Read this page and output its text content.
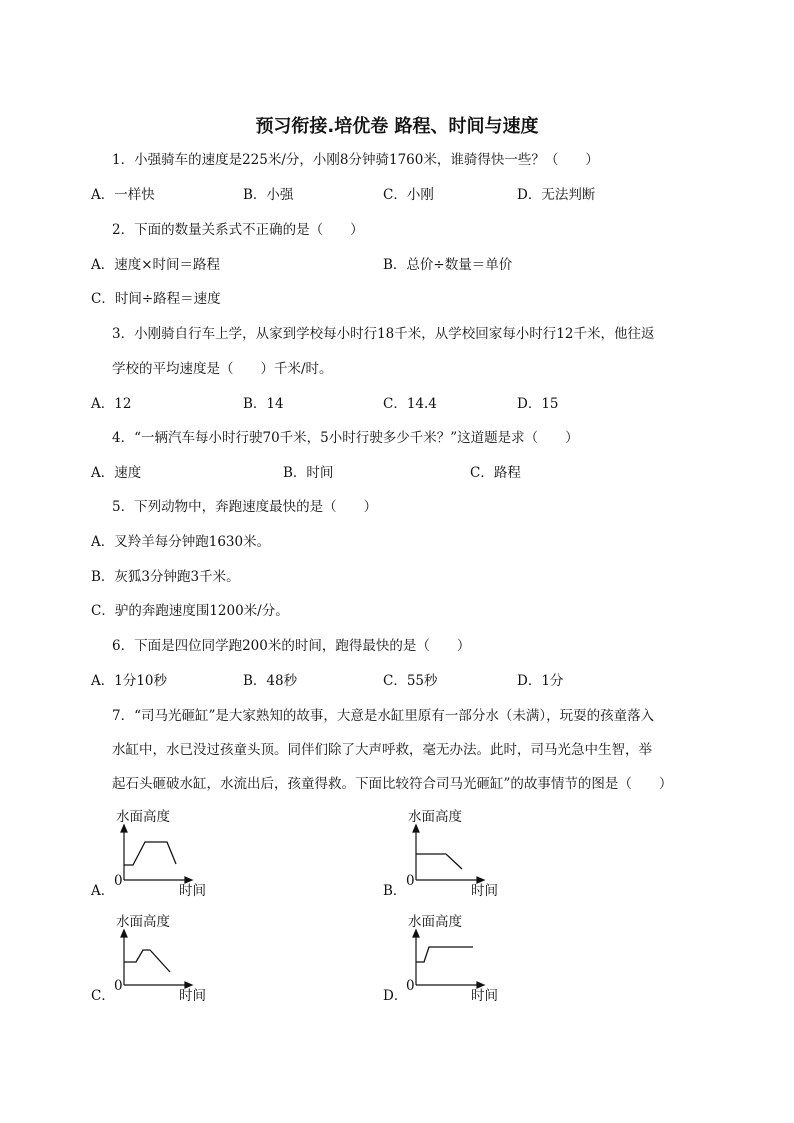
预习衔接.培优卷 路程、时间与速度
1．小强骑车的速度是225米/分，小刚8分钟骑1760米，谁骑得快一些？（　　）
A．一样快	B．小强	C．小刚	D．无法判断
2．下面的数量关系式不正确的是（　　）
A．速度×时间＝路程	B．总价÷数量＝单价
C．时间÷路程＝速度
3．小刚骑自行车上学，从家到学校每小时行18千米，从学校回家每小时行12千米，他往返
学校的平均速度是（　　）千米/时。
A．12	B．14	C．14.4	D．15
4．“一辆汽车每小时行驶70千米，5小时行驶多少千米？”这道题是求（　　）
A．速度	B．时间	C．路程
5．下列动物中，奔跑速度最快的是（　　）
A．叉羚羊每分钟跑1630米。
B．灰狐3分钟跑3千米。
C．驴的奔跑速度围1200米/分。
6．下面是四位同学跑200米的时间，跑得最快的是（　　）
A．1分10秒	B．48秒	C．55秒	D．1分
7．“司马光砸缸”是大家熟知的故事，大意是水缸里原有一部分水（未满），玩耍的孩童落入
水缸中，水已没过孩童头顶。同伴们除了大声呼救，毫无办法。此时，司马光急中生智，举
起石头砸破水缸，水流出后，孩童得救。下面比较符合司马光砸缸”的故事情节的图是（　　）
A．
水面高度
0
时间	B．
水面高度
0
时间
C．
水面高度
0
时间	D．
水面高度
0
时间
